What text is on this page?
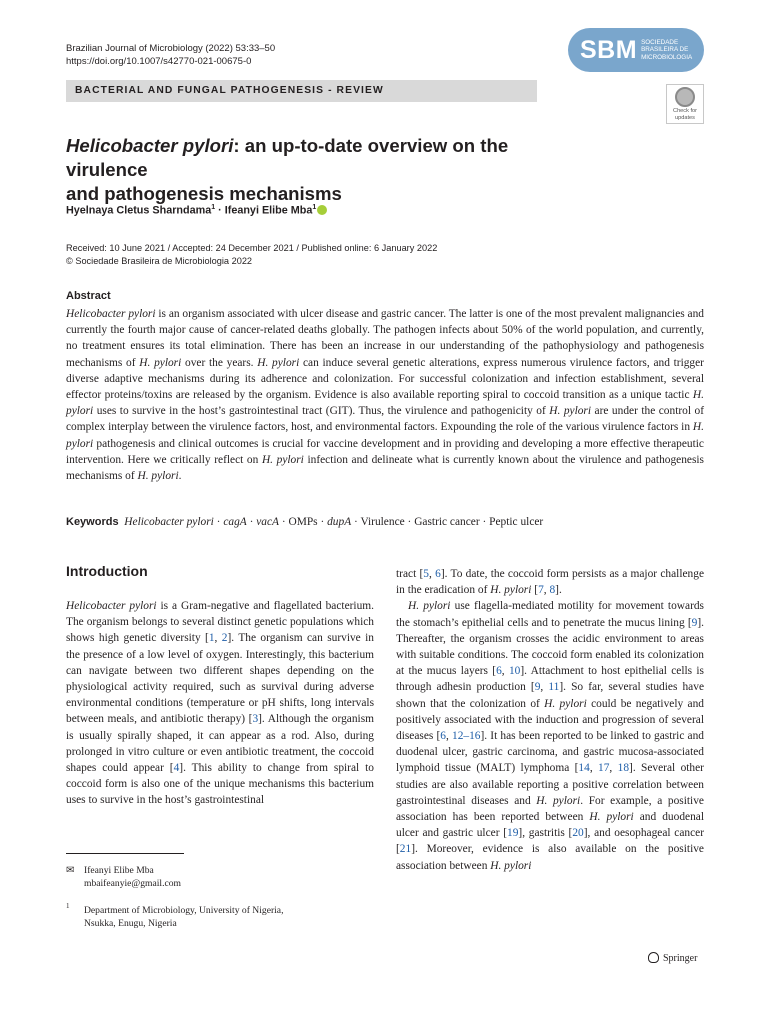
Brazilian Journal of Microbiology (2022) 53:33–50
https://doi.org/10.1007/s42770-021-00675-0	SBM SOCIEDADE
BRASILEIRA DE
MICROBIOLOGIA
BACTERIAL AND FUNGAL PATHOGENESIS - REVIEW
Check for
updates
Helicobacter pylori: an up-to-date overview on the virulence
and pathogenesis mechanisms
Hyelnaya Cletus Sharndama$^1$ · Ifeanyi Elibe Mba$^1$
Received: 10 June 2021 / Accepted: 24 December 2021 / Published online: 6 January 2022
© Sociedade Brasileira de Microbiologia 2022
Abstract
Helicobacter pylori is an organism associated with ulcer disease and gastric cancer. The latter is one of the most prevalent malignancies and currently the fourth major cause of cancer-related deaths globally. The pathogen infects about 50% of the world population, and currently, no treatment ensures its total elimination. There has been an increase in our understanding of the pathophysiology and pathogenesis mechanisms of H. pylori over the years. H. pylori can induce several genetic alterations, express numerous virulence factors, and trigger diverse adaptive mechanisms during its adherence and colonization. For successful colonization and infection establishment, several effector proteins/toxins are released by the organism. Evidence is also available reporting spiral to coccoid transition as a unique tactic H. pylori uses to survive in the host’s gastrointestinal tract (GIT). Thus, the virulence and pathogenicity of H. pylori are under the control of complex interplay between the virulence factors, host, and environmental factors. Expounding the role of the various virulence factors in H. pylori pathogenesis and clinical outcomes is crucial for vaccine development and in providing and developing a more effective therapeutic intervention. Here we critically reflect on H. pylori infection and delineate what is currently known about the virulence and pathogenesis mechanisms of H. pylori.
Keywords Helicobacter pylori · cagA · vacA · OMPs · dupA · Virulence · Gastric cancer · Peptic ulcer
Introduction
Helicobacter pylori is a Gram-negative and flagellated bacterium. The organism belongs to several distinct genetic populations which shows high genetic diversity [1, 2]. The organism can survive in the presence of a low level of oxygen. Interestingly, this bacterium can navigate between two different shapes depending on the physiological activity required, such as survival during adverse environmental conditions (temperature or pH shifts, long intervals between meals, and antibiotic therapy) [3]. Although the organism is usually spirally shaped, it can appear as a rod. Also, during prolonged in vitro culture or even antibiotic treatment, the coccoid shapes could appear [4]. This ability to change from spiral to coccoid form is also one of the unique mechanisms this bacterium uses to survive in the host’s gastrointestinal
tract [5, 6]. To date, the coccoid form persists as a major challenge in the eradication of H. pylori [7, 8].
H. pylori use flagella-mediated motility for movement towards the stomach’s epithelial cells and to penetrate the mucus lining [9]. Thereafter, the organism crosses the acidic environment to areas with suitable conditions. The coccoid form enabled its colonization at the mucus layers [6, 10]. Attachment to host epithelial cells is through adhesin production [9, 11]. So far, several studies have shown that the colonization of H. pylori could be negatively and positively associated with the induction and progression of several diseases [6, 12–16]. It has been reported to be linked to gastric and duodenal ulcer, gastric carcinoma, and gastric mucosa-associated lymphoid tissue (MALT) lymphoma [14, 17, 18]. Several other studies are also available reporting a positive correlation between gastrointestinal diseases and H. pylori. For example, a positive association has been reported between H. pylori and duodenal ulcer and gastric ulcer [19], gastritis [20], and oesophageal cancer [21]. Moreover, evidence is also available on the positive association between H. pylori
✉ Ifeanyi Elibe Mba
mbaifeanyie@gmail.com
1 Department of Microbiology, University of Nigeria,
Nsukka, Enugu, Nigeria
Springer
